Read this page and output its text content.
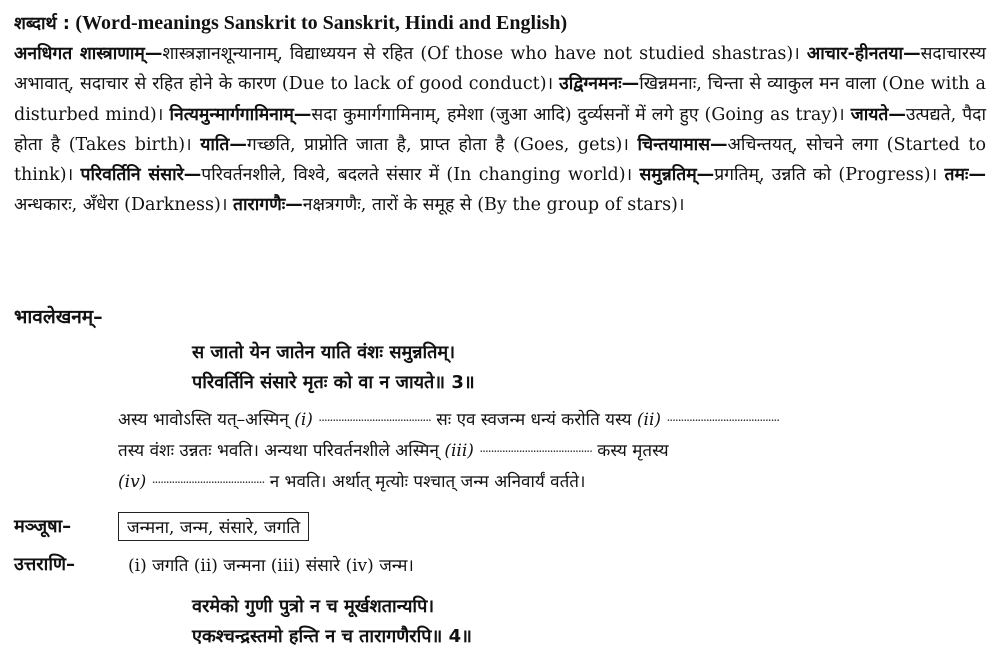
शब्दार्थ : (Word-meanings Sanskrit to Sanskrit, Hindi and English)
अनधिगत शास्त्राणाम्—शास्त्रज्ञानशून्यानाम्, विद्याध्ययन से रहित (Of those who have not studied shastras)। आचार-हीनतया—सदाचारस्य अभावात्, सदाचार से रहित होने के कारण (Due to lack of good conduct)। उद्विग्नमनः—खिन्नमनाः, चिन्ता से व्याकुल मन वाला (One with a disturbed mind)। नित्यमुन्मार्गगामिनाम्—सदा कुमार्गगामिनाम्, हमेशा (जुआ आदि) दुर्व्यसनों में लगे हुए (Going as tray)। जायते—उत्पद्यते, पैदा होता है (Takes birth)। याति—गच्छति, प्राप्नोति जाता है, प्राप्त होता है (Goes, gets)। चिन्तयामास—अचिन्तयत्, सोचने लगा (Started to think)। परिवर्तिनि संसारे—परिवर्तनशीले, विश्वे, बदलते संसार में (In changing world)। समुन्नतिम्—प्रगतिम्, उन्नति को (Progress)। तमः—अन्धकारः, अँधेरा (Darkness)। तारागणैः—नक्षत्रगणैः, तारों के समूह से (By the group of stars)।
भावलेखनम्–
स जातो येन जातेन याति वंशः समुन्नतिम्।
परिवर्तिनि संसारे मृतः को वा न जायते॥ 3॥
अस्य भावोऽस्ति यत्–अस्मिन् (i) ........................................ सः एव स्वजन्म धन्यं करोति यस्य (ii) ........................................
तस्य वंशः उन्नतः भवति। अन्यथा परिवर्तनशीले अस्मिन् (iii) ........................................ कस्य मृतस्य
(iv) ........................................ न भवति। अर्थात् मृत्योः पश्चात् जन्म अनिवार्यं वर्तते।
मञ्जूषा–	जन्मना, जन्म, संसारे, जगति
उत्तराणि–	(i) जगति (ii) जन्मना (iii) संसारे (iv) जन्म।
वरमेको गुणी पुत्रो न च मूर्खशतान्यपि।
एकश्चन्द्रस्तमो हन्ति न च तारागणैरपि॥ 4॥
